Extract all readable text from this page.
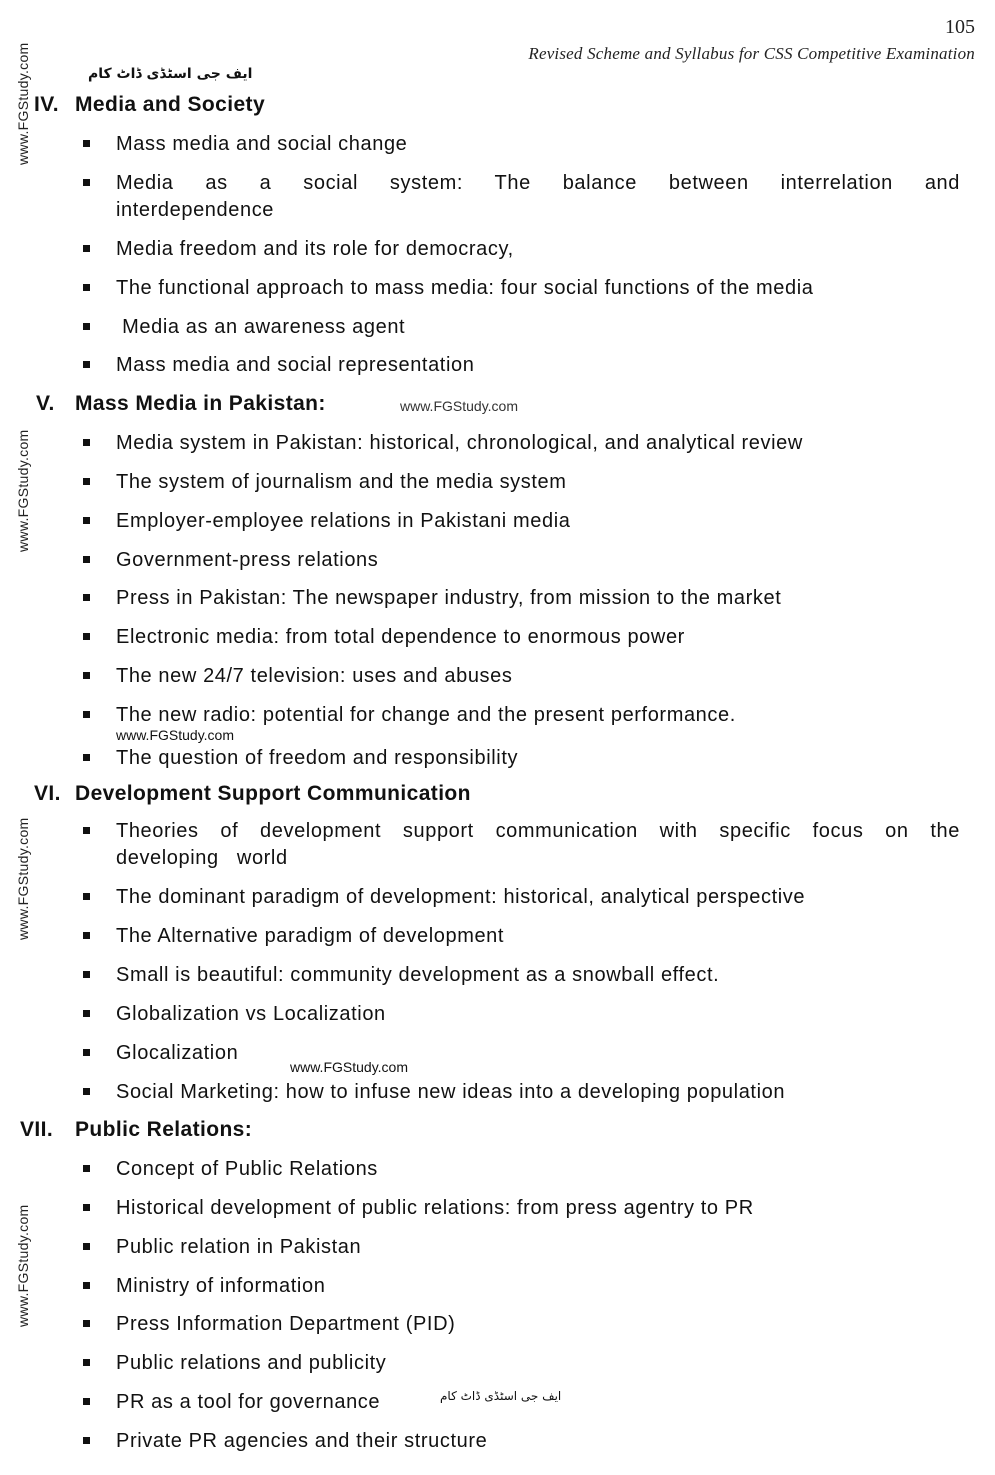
105
Revised Scheme and Syllabus for CSS Competitive Examination
ایف جی اسٹڈی ڈاٹ کام
www.FGStudy.com
www.FGStudy.com
www.FGStudy.com
www.FGStudy.com
www.FGStudy.com
www.FGStudy.com
www.FGStudy.com
ایف جی اسٹڈی ڈاٹ کام
IV. Media and Society
Mass media and social change
Media as a social system: The balance between interrelation and interdependence
Media freedom and its role for democracy,
The functional approach to mass media: four social functions of the media
Media as an awareness agent
Mass media and social representation
V. Mass Media in Pakistan:
Media system in Pakistan: historical, chronological, and analytical review
The system of journalism and the media system
Employer-employee relations in Pakistani media
Government-press relations
Press in Pakistan: The newspaper industry, from mission to the market
Electronic media: from total dependence to enormous power
The new 24/7 television: uses and abuses
The new radio: potential for change and the present performance.
The question of freedom and responsibility
VI. Development Support Communication
Theories of development support communication with specific focus on the developing world
The dominant paradigm of development: historical, analytical perspective
The Alternative paradigm of development
Small is beautiful: community development as a snowball effect.
Globalization vs Localization
Glocalization
Social Marketing: how to infuse new ideas into a developing population
VII. Public Relations:
Concept of Public Relations
Historical development of public relations: from press agentry to PR
Public relation in Pakistan
Ministry of information
Press Information Department (PID)
Public relations and publicity
PR as a tool for governance
Private PR agencies and their structure
